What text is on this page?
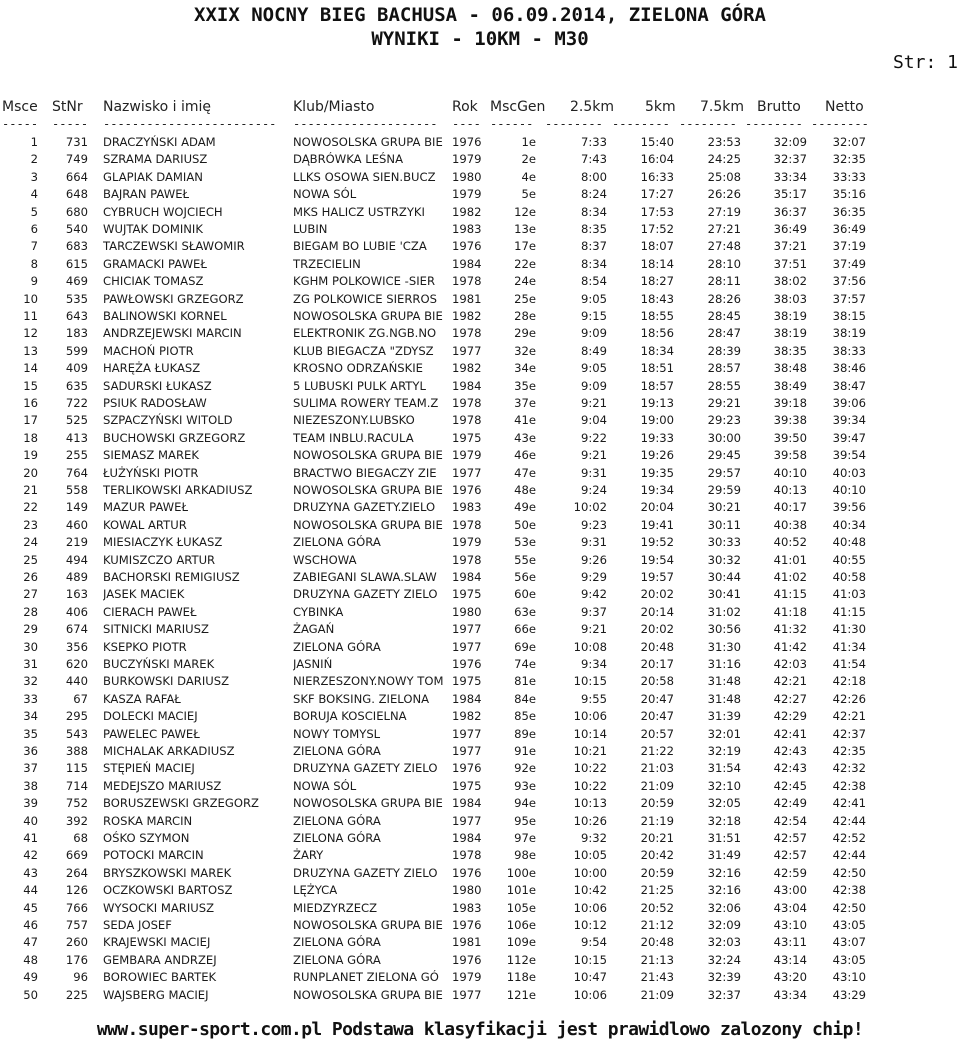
XXIX NOCNY BIEG BACHUSA - 06.09.2014, ZIELONA GÓRA
WYNIKI - 10KM - M30
Str: 1
Msce StNr Nazwisko i imię	Klub/Miasto	Rok MscGen 2.5km 5km 7.5km Brutto Netto
-----	-----	------------------------	-------------------- ---- ------ -------- -------- -------- -------- --------
1	731 DRACZYŃSKI ADAM	NOWOSOLSKA GRUPA BIE 1976	1e	7:33	15:40	23:53	32:09	32:07
2	749 SZRAMA DARIUSZ	DĄBRÓWKA LEŚNA	1979	2e	7:43	16:04	24:25	32:37	32:35
3	664 GLAPIAK DAMIAN	LLKS OSOWA SIEN.BUCZ	1980	4e	8:00	16:33	25:08	33:34	33:33
4	648 BAJRAN PAWEŁ	NOWA SÓL	1979	5e	8:24	17:27	26:26	35:17	35:16
5	680 CYBRUCH WOJCIECH	MKS HALICZ USTRZYKI	1982	12e	8:34	17:53	27:19	36:37	36:35
6	540 WUJTAK DOMINIK	LUBIN	1983	13e	8:35	17:52	27:21	36:49	36:49
7	683 TARCZEWSKI SŁAWOMIR	BIEGAM BO LUBIE 'CZA	1976	17e	8:37	18:07	27:48	37:21	37:19
8	615 GRAMACKI PAWEŁ	TRZECIELIN	1984	22e	8:34	18:14	28:10	37:51	37:49
9	469 CHICIAK TOMASZ	KGHM POLKOWICE -SIER	1978	24e	8:54	18:27	28:11	38:02	37:56
10	535 PAWŁOWSKI GRZEGORZ	ZG POLKOWICE SIERROS	1981	25e	9:05	18:43	28:26	38:03	37:57
11	643 BALINOWSKI KORNEL	NOWOSOLSKA GRUPA BIE 1982	28e	9:15	18:55	28:45	38:19	38:15
12	183 ANDRZEJEWSKI MARCIN	ELEKTRONIK ZG.NGB.NO	1978	29e	9:09	18:56	28:47	38:19	38:19
13	599 MACHOŃ PIOTR	KLUB BIEGACZA "ZDYSZ	1977	32e	8:49	18:34	28:39	38:35	38:33
14	409 HARĘŻA ŁUKASZ	KROSNO ODRZAŃSKIE	1982	34e	9:05	18:51	28:57	38:48	38:46
15	635 SADURSKI ŁUKASZ	5 LUBUSKI PULK ARTYL	1984	35e	9:09	18:57	28:55	38:49	38:47
16	722 PSIUK RADOSŁAW	SULIMA ROWERY TEAM.Z	1978	37e	9:21	19:13	29:21	39:18	39:06
17	525 SZPACZYŃSKI WITOLD	NIEZESZONY.LUBSKO	1978	41e	9:04	19:00	29:23	39:38	39:34
18	413 BUCHOWSKI GRZEGORZ	TEAM INBLU.RACULA	1975	43e	9:22	19:33	30:00	39:50	39:47
19	255 SIEMASZ MAREK	NOWOSOLSKA GRUPA BIE 1979	46e	9:21	19:26	29:45	39:58	39:54
20	764 ŁUŻYŃSKI PIOTR	BRACTWO BIEGACZY ZIE	1977	47e	9:31	19:35	29:57	40:10	40:03
21	558 TERLIKOWSKI ARKADIUSZ	NOWOSOLSKA GRUPA BIE 1976	48e	9:24	19:34	29:59	40:13	40:10
22	149 MAZUR PAWEŁ	DRUZYNA GAZETY.ZIELO	1983	49e	10:02	20:04	30:21	40:17	39:56
23	460 KOWAL ARTUR	NOWOSOLSKA GRUPA BIE 1978	50e	9:23	19:41	30:11	40:38	40:34
24	219 MIESIACZYK ŁUKASZ	ZIELONA GÓRA	1979	53e	9:31	19:52	30:33	40:52	40:48
25	494 KUMISZCZO ARTUR	WSCHOWA	1978	55e	9:26	19:54	30:32	41:01	40:55
26	489 BACHORSKI REMIGIUSZ	ZABIEGANI SLAWA.SLAW	1984	56e	9:29	19:57	30:44	41:02	40:58
27	163 JASEK MACIEK	DRUZYNA GAZETY ZIELO	1975	60e	9:42	20:02	30:41	41:15	41:03
28	406 CIERACH PAWEŁ	CYBINKA	1980	63e	9:37	20:14	31:02	41:18	41:15
29	674 SITNICKI MARIUSZ	ŻAGAŃ	1977	66e	9:21	20:02	30:56	41:32	41:30
30	356 KSEPKO PIOTR	ZIELONA GÓRA	1977	69e	10:08	20:48	31:30	41:42	41:34
31	620 BUCZYŃSKI MAREK	JASNIŃ	1976	74e	9:34	20:17	31:16	42:03	41:54
32	440 BURKOWSKI DARIUSZ	NIERZESZONY.NOWY TOM 1975	81e	10:15	20:58	31:48	42:21	42:18
33	67 KASZA RAFAŁ	SKF BOKSING. ZIELONA	1984	84e	9:55	20:47	31:48	42:27	42:26
34	295 DOLECKI MACIEJ	BORUJA KOSCIELNA	1982	85e	10:06	20:47	31:39	42:29	42:21
35	543 PAWELEC PAWEŁ	NOWY TOMYSL	1977	89e	10:14	20:57	32:01	42:41	42:37
36	388 MICHALAK ARKADIUSZ	ZIELONA GÓRA	1977	91e	10:21	21:22	32:19	42:43	42:35
37	115 STĘPIEŃ MACIEJ	DRUZYNA GAZETY ZIELO	1976	92e	10:22	21:03	31:54	42:43	42:32
38	714 MEDEJSZO MARIUSZ	NOWA SÓL	1975	93e	10:22	21:09	32:10	42:45	42:38
39	752 BORUSZEWSKI GRZEGORZ	NOWOSOLSKA GRUPA BIE 1984	94e	10:13	20:59	32:05	42:49	42:41
40	392 ROSKA MARCIN	ZIELONA GÓRA	1977	95e	10:26	21:19	32:18	42:54	42:44
41	68 OŚKO SZYMON	ZIELONA GÓRA	1984	97e	9:32	20:21	31:51	42:57	42:52
42	669 POTOCKI MARCIN	ŻARY	1978	98e	10:05	20:42	31:49	42:57	42:44
43	264 BRYSZKOWSKI MAREK	DRUZYNA GAZETY ZIELO	1976	100e	10:00	20:59	32:16	42:59	42:50
44	126 OCZKOWSKI BARTOSZ	LĘŻYCA	1980	101e	10:42	21:25	32:16	43:00	42:38
45	766 WYSOCKI MARIUSZ	MIEDZYRZECZ	1983	105e	10:06	20:52	32:06	43:04	42:50
46	757 SEDA JOSEF	NOWOSOLSKA GRUPA BIE 1976	106e	10:12	21:12	32:09	43:10	43:05
47	260 KRAJEWSKI MACIEJ	ZIELONA GÓRA	1981	109e	9:54	20:48	32:03	43:11	43:07
48	176 GEMBARA ANDRZEJ	ZIELONA GÓRA	1976	112e	10:15	21:13	32:24	43:14	43:05
49	96 BOROWIEC BARTEK	RUNPLANET ZIELONA GÓ	1979	118e	10:47	21:43	32:39	43:20	43:10
50	225 WAJSBERG MACIEJ	NOWOSOLSKA GRUPA BIE 1977	121e	10:06	21:09	32:37	43:34	43:29
www.super-sport.com.pl Podstawa klasyfikacji jest prawidlowo zalozony chip!
